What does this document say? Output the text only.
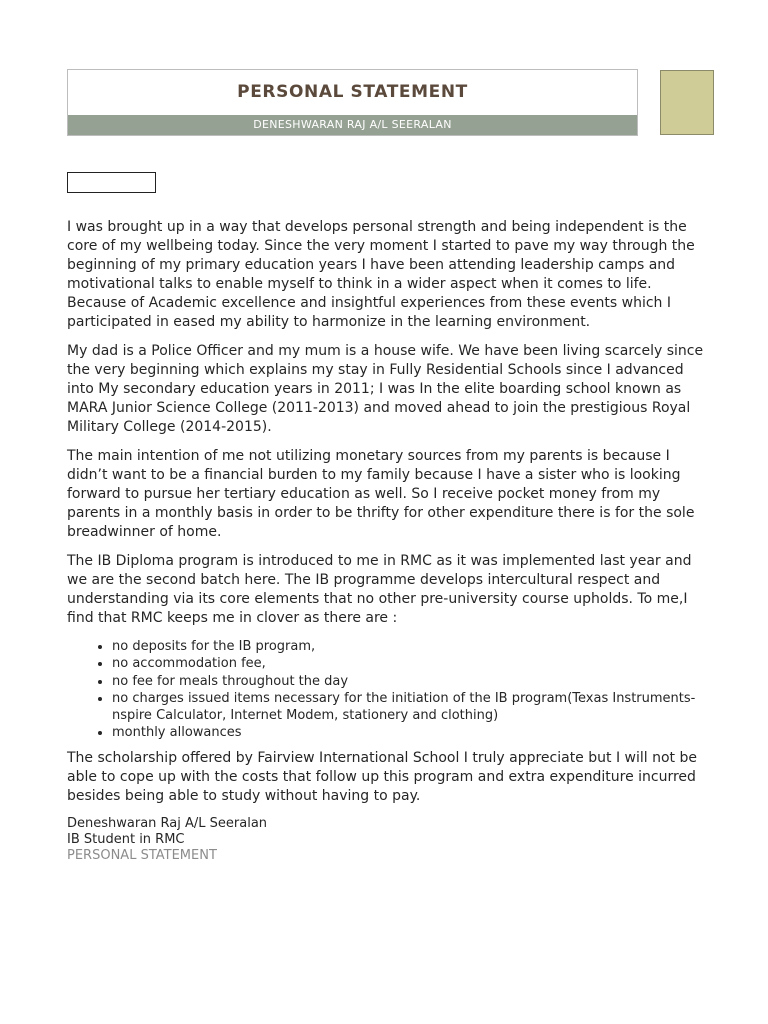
PERSONAL STATEMENT
DENESHWARAN RAJ A/L SEERALAN

I was brought up in a way that develops personal strength and being independent is the core of my wellbeing today. Since the very moment I started to pave my way through the beginning of my primary education years I have been attending leadership camps and motivational talks to enable myself to think in a wider aspect when it comes to life. Because of Academic excellence and insightful experiences from these events which I participated in eased my ability to harmonize in the learning environment.

My dad is a Police Officer and my mum is a house wife. We have been living scarcely since the very beginning which explains my stay in Fully Residential Schools since I advanced into My secondary education years in 2011; I was In the elite boarding school known as MARA Junior Science College (2011-2013) and moved ahead to join the prestigious Royal Military College (2014-2015).

The main intention of me not utilizing monetary sources from my parents is because I didn’t want to be a financial burden to my family because I have a sister who is looking forward to pursue her tertiary education as well. So I receive pocket money from my parents in a monthly basis in order to be thrifty for other expenditure there is for the sole breadwinner of home.

The IB Diploma program is introduced to me in RMC as it was implemented last year and we are the second batch here. The IB programme develops intercultural respect and understanding via its core elements that no other pre-university course upholds. To me,I find that RMC keeps me in clover as there are :

• no deposits for the IB program,
• no accommodation fee,
• no fee for meals throughout the day
• no charges issued items necessary for the initiation of the IB program(Texas Instruments-nspire Calculator, Internet Modem, stationery and clothing)
• monthly allowances

The scholarship offered by Fairview International School I truly appreciate but I will not be able to cope up with the costs that follow up this program and extra expenditure incurred besides being able to study without having to pay.

Deneshwaran Raj A/L Seeralan
IB Student in RMC
PERSONAL STATEMENT
